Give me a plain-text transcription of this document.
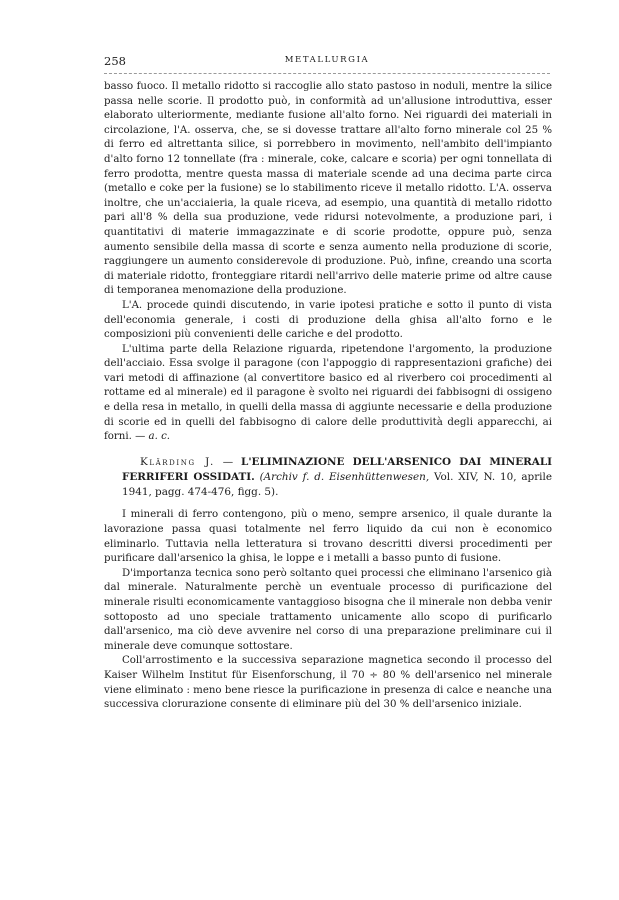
258	METALLURGIA

basso fuoco. Il metallo ridotto si raccoglie allo stato pastoso in noduli, mentre la silice passa nelle scorie. Il prodotto può, in conformità ad un'allusione introduttiva, esser elaborato ulteriormente, mediante fusione all'alto forno. Nei riguardi dei materiali in circolazione, l'A. osserva, che, se si dovesse trattare all'alto forno minerale col 25 % di ferro ed altrettanta silice, si porrebbero in movimento, nell'ambito dell'impianto d'alto forno 12 tonnellate (fra : minerale, coke, calcare e scoria) per ogni tonnellata di ferro prodotta, mentre questa massa di materiale scende ad una decima parte circa (metallo e coke per la fusione) se lo stabilimento riceve il metallo ridotto. L'A. osserva inoltre, che un'acciaieria, la quale riceva, ad esempio, una quantità di metallo ridotto pari all'8 % della sua produzione, vede ridursi notevolmente, a produzione pari, i quantitativi di materie immagazzinate e di scorie prodotte, oppure può, senza aumento sensibile della massa di scorte e senza aumento nella produzione di scorie, raggiungere un aumento considerevole di produzione. Può, infine, creando una scorta di materiale ridotto, fronteggiare ritardi nell'arrivo delle materie prime od altre cause di temporanea menomazione della produzione.

L'A. procede quindi discutendo, in varie ipotesi pratiche e sotto il punto di vista dell'economia generale, i costi di produzione della ghisa all'alto forno e le composizioni più convenienti delle cariche e del prodotto.

L'ultima parte della Relazione riguarda, ripetendone l'argomento, la produzione dell'acciaio. Essa svolge il paragone (con l'appoggio di rappresentazioni grafiche) dei vari metodi di affinazione (al convertitore basico ed al riverbero coi procedimenti al rottame ed al minerale) ed il paragone è svolto nei riguardi dei fabbisogni di ossigeno e della resa in metallo, in quelli della massa di aggiunte necessarie e della produzione di scorie ed in quelli del fabbisogno di calore delle produttività degli apparecchi, ai forni. — a. c.

Klärding J. — L'ELIMINAZIONE DELL'ARSENICO DAI MINERALI FERRIFERI OSSIDATI. (Archiv f. d. Eisenhüttenwesen, Vol. XIV, N. 10, aprile 1941, pagg. 474-476, figg. 5).

I minerali di ferro contengono, più o meno, sempre arsenico, il quale durante la lavorazione passa quasi totalmente nel ferro liquido da cui non è economico eliminarlo. Tuttavia nella letteratura si trovano descritti diversi procedimenti per purificare dall'arsenico la ghisa, le loppe e i metalli a basso punto di fusione.

D'importanza tecnica sono però soltanto quei processi che eliminano l'arsenico già dal minerale. Naturalmente perchè un eventuale processo di purificazione del minerale risulti economicamente vantaggioso bisogna che il minerale non debba venir sottoposto ad uno speciale trattamento unicamente allo scopo di purificarlo dall'arsenico, ma ciò deve avvenire nel corso di una preparazione preliminare cui il minerale deve comunque sottostare.

Coll'arrostimento e la successiva separazione magnetica secondo il processo del Kaiser Wilhelm Institut für Eisenforschung, il 70 ÷ 80 % dell'arsenico nel minerale viene eliminato : meno bene riesce la purificazione in presenza di calce e neanche una successiva clorurazione consente di eliminare più del 30 % dell'arsenico iniziale.
